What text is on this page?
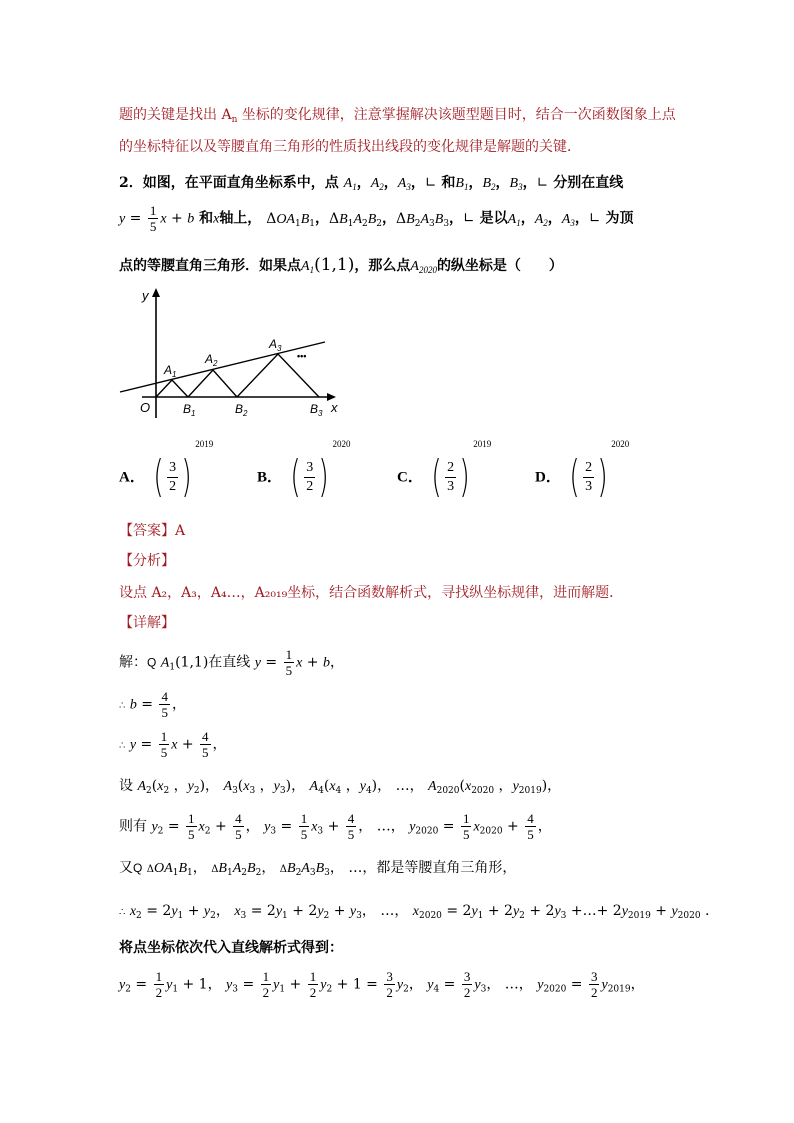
题的关键是找出 $A_n$ 坐标的变化规律，注意掌握解决该题型题目时，结合一次函数图象上点
的坐标特征以及等腰直角三角形的性质找出线段的变化规律是解题的关键．
2．如图，在平面直角坐标系中，点 $A_1$，$A_2$，$A_3$，∟ 和$B_1$，$B_2$，$B_3$，∟ 分别在直线
$y = \frac{1}{5}$ x + b 和x轴上， $\Delta OA_1B_1$，$\Delta B_1A_2B_2$，$\Delta B_2A_3B_3$，∟ 是以$A_1$，$A_2$，$A_3$，∟ 为顶
点的等腰直角三角形．如果点$A_1(1,1)$，那么点$A_{2020}$的纵坐标是（　　）
y
x
O
$A_1$
$A_2$
$A_3$
•••
$B_1$	$B_2$	$B_3$
A． ( $\frac{3}{2} )^{2019}$
B． ( $\frac{3}{2} )^{2020}$
C． ( $\frac{2}{3} )^{2019}$
D． ( $\frac{2}{3} )^{2020}$
【答案】A
【分析】
设点 A₂，A₃，A₄…，A₂₀₁₉坐标，结合函数解析式，寻找纵坐标规律，进而解题．
【详解】
解：Q $A_1(1,1)$在直线 $y = \frac{1}{5}$ x + b，
∴ $b = \frac{4}{5}$ ，
∴ $y = \frac{1}{5}$ $x + \frac{4}{5}$ ，
设 $A_2(x_2$ ，$y_2$)， $A_3(x_3$ ，$y_3$)， $A_4(x_4$ ，$y_4$)， …， $A_{2020}(x_{2020}$ ，$y_{2019}$)，
则有 $y_2 = \frac{1}{5} x_2 + \frac{4}{5}$ ， $y_3 = \frac{1}{5} x_3 + \frac{4}{5}$ ， …， $y_{2020} = \frac{1}{5} x_{2020} + \frac{4}{5}$ ，
又Q $\Delta OA_1B_1$， $\Delta B_1A_2B_2$， $\Delta B_2A_3B_3$， …，都是等腰直角三角形，
∴ $x_2 = 2y_1 + y_2$， $x_3 = 2y_1 + 2y_2 + y_3$， …， $x_{2020} = 2y_1 + 2y_2 + 2y_3$ +…+ $2y_{2019} + y_{2020}$ .
将点坐标依次代入直线解析式得到：
$y_2 = \frac{1}{2} y_1 + 1$， $y_3 = \frac{1}{2} y_1 + \frac{1}{2} y_2 + 1 = \frac{3}{2} y_2$， $y_4 = \frac{3}{2} y_3$， …， $y_{2020} = \frac{3}{2} y_{2019}$，
